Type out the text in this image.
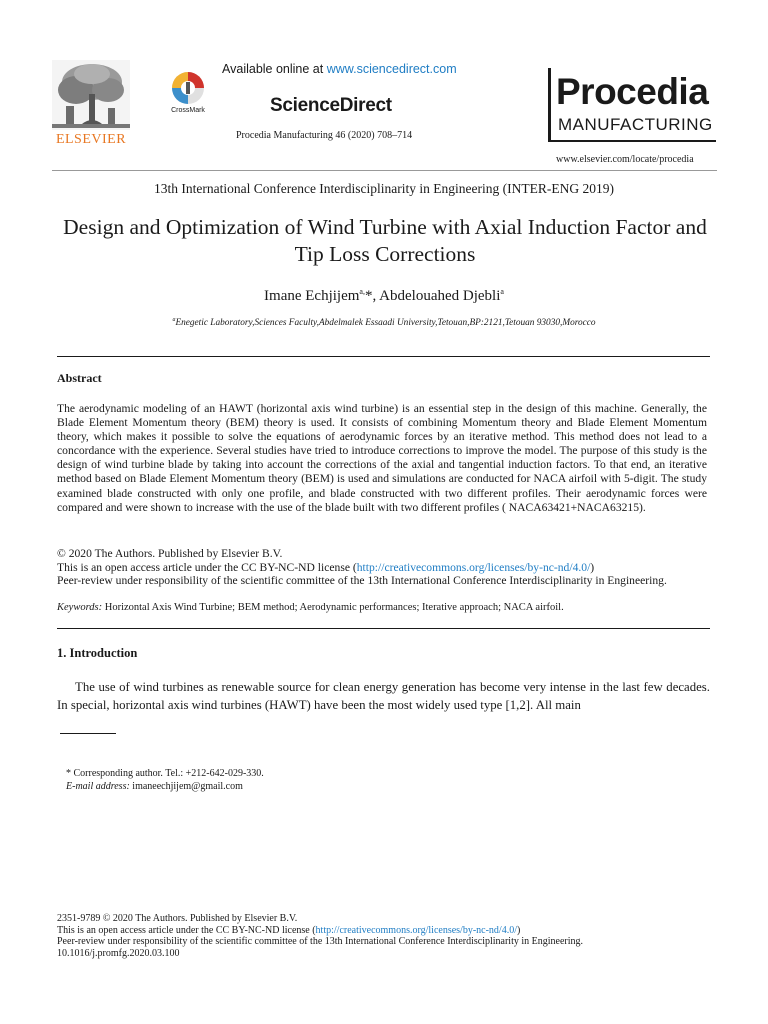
ELSEVIER
CrossMark
Available online at www.sciencedirect.com
ScienceDirect
Procedia Manufacturing 46 (2020) 708–714
Procedia
MANUFACTURING
www.elsevier.com/locate/procedia
13th International Conference Interdisciplinarity in Engineering (INTER-ENG 2019)
Design and Optimization of Wind Turbine with Axial Induction Factor and Tip Loss Corrections
Imane Echjijem$^{a,}$*, Abdelouahed Djebli$^a$
$^a$Enegetic Laboratory,Sciences Faculty,Abdelmalek Essaadi University,Tetouan,BP:2121,Tetouan 93030,Morocco
Abstract
The aerodynamic modeling of an HAWT (horizontal axis wind turbine) is an essential step in the design of this machine. Generally, the Blade Element Momentum theory (BEM) theory is used. It consists of combining Momentum theory and Blade Element Momentum theory, which makes it possible to solve the equations of aerodynamic forces by an iterative method. This method does not lead to a concordance with the experience. Several studies have tried to introduce corrections to improve the model. The purpose of this study is the design of wind turbine blade by taking into account the corrections of the axial and tangential induction factors. To that end, an iterative method based on Blade Element Momentum theory (BEM) is used and simulations are conducted for NACA airfoil with 5-digit. The study examined blade constructed with only one profile, and blade constructed with two different profiles. Their aerodynamic forces were compared and were shown to increase with the use of the blade built with two different profiles ( NACA63421+NACA63215).
© 2020 The Authors. Published by Elsevier B.V.
This is an open access article under the CC BY-NC-ND license (http://creativecommons.org/licenses/by-nc-nd/4.0/)
Peer-review under responsibility of the scientific committee of the 13th International Conference Interdisciplinarity in Engineering.
Keywords: Horizontal Axis Wind Turbine; BEM method; Aerodynamic performances; Iterative approach; NACA airfoil.
1. Introduction
The use of wind turbines as renewable source for clean energy generation has become very intense in the last few decades. In special, horizontal axis wind turbines (HAWT) have been the most widely used type [1,2]. All main
* Corresponding author. Tel.: +212-642-029-330.
E-mail address: imaneechjijem@gmail.com
2351-9789 © 2020 The Authors. Published by Elsevier B.V.
This is an open access article under the CC BY-NC-ND license (http://creativecommons.org/licenses/by-nc-nd/4.0/)
Peer-review under responsibility of the scientific committee of the 13th International Conference Interdisciplinarity in Engineering.
10.1016/j.promfg.2020.03.100
